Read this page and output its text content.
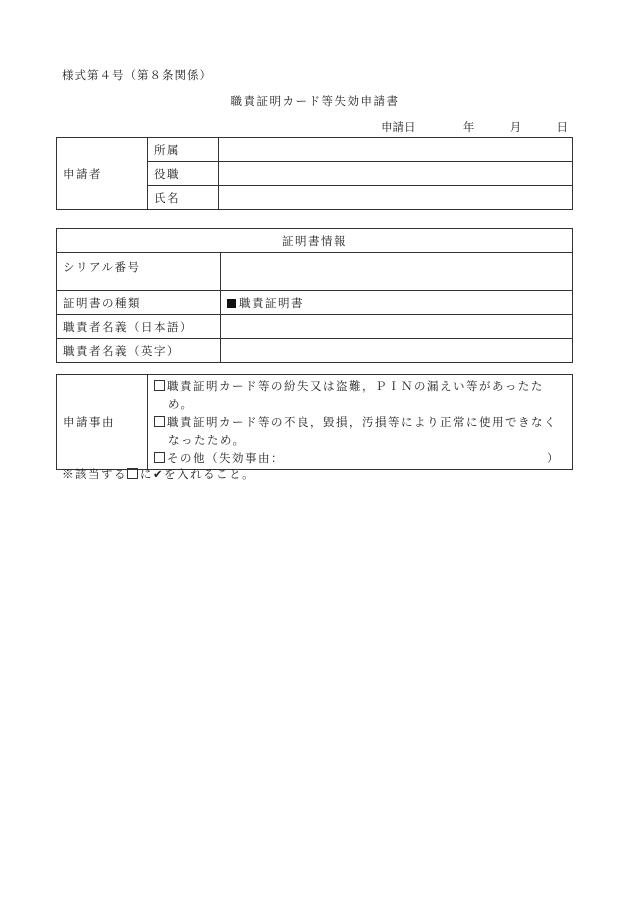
様式第４号（第８条関係）
職責証明カード等失効申請書
申請日	年	月	日
申請者	所属	
	役職	
	氏名	
証明書情報	
シリアル番号	
証明書の種類	職責証明書
職責者名義（日本語）	
職責者名義（英字）	
申請事由	
職責証明カード等の紛失又は盗難，ＰＩＮの漏えい等があったた
め。
職責証明カード等の不良，毀損，汚損等により正常に使用できなく
なったため。
その他（失効事由：	）
※該当する に✔を入れること。
